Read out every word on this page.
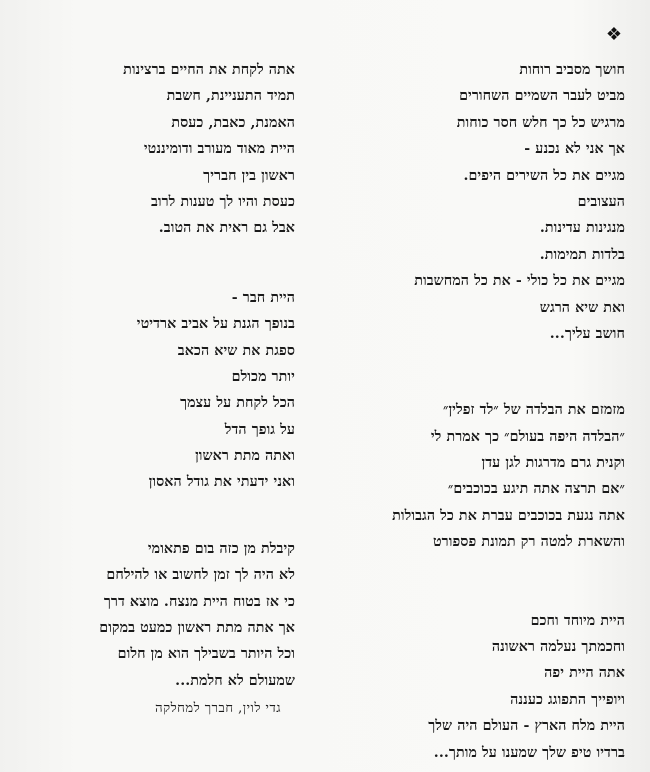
❖
חושך מסביב רוחות
מביט לעבר השמיים השחורים
מרגיש כל כך חלש חסר כוחות
אך אני לא נכנע -
מגיים את כל השירים היפים.
העצובים
מנגינות עדינות.
בלדות תמימות.
מגיים את כל כולי - את כל המחשבות
ואת שיא הרגש
חושב עליך...
מזמזם את הבלדה של ״לד זפלין״
״הבלדה היפה בעולם״ כך אמרת לי
וקנית גרם מדרגות לגן עדן
״אם תרצה אתה תיגע בכוכבים״
אתה נגעת בכוכבים עברת את כל הגבולות
והשארת למטה רק תמונת פספורט
היית מיוחד וחכם
וחכמתך נעלמה ראשונה
אתה היית יפה
ויופייך התפוגג כעננה
היית מלח הארץ - העולם היה שלך
ברדיו טיפ שלך שמענו על מותך...
אתה לקחת את החיים ברצינות
תמיד התעניינת, חשבת
האמנת, כאבת, כעסת
היית מאוד מעורב ודומיננטי
ראשון בין חבריך
כעסת והיו לך טענות לרוב
אבל גם ראית את הטוב.
היית חבר -
בנופך הגנת על אביב ארדיטי
ספגת את שיא הכאב
יותר מכולם
הכל לקחת על עצמך
על גופך הדל
ואתה מתת ראשון
ואני ידעתי את גודל האסון
קיבלת מן כזה בום פתאומי
לא היה לך זמן לחשוב או להילחם
כי אז בטוח היית מנצח. מוצא דרך
אך אתה מתת ראשון כמעט במקום
וכל היותר בשבילך הוא מן חלום
שמעולם לא חלמת...
גדי לוין, חברך למחלקה
